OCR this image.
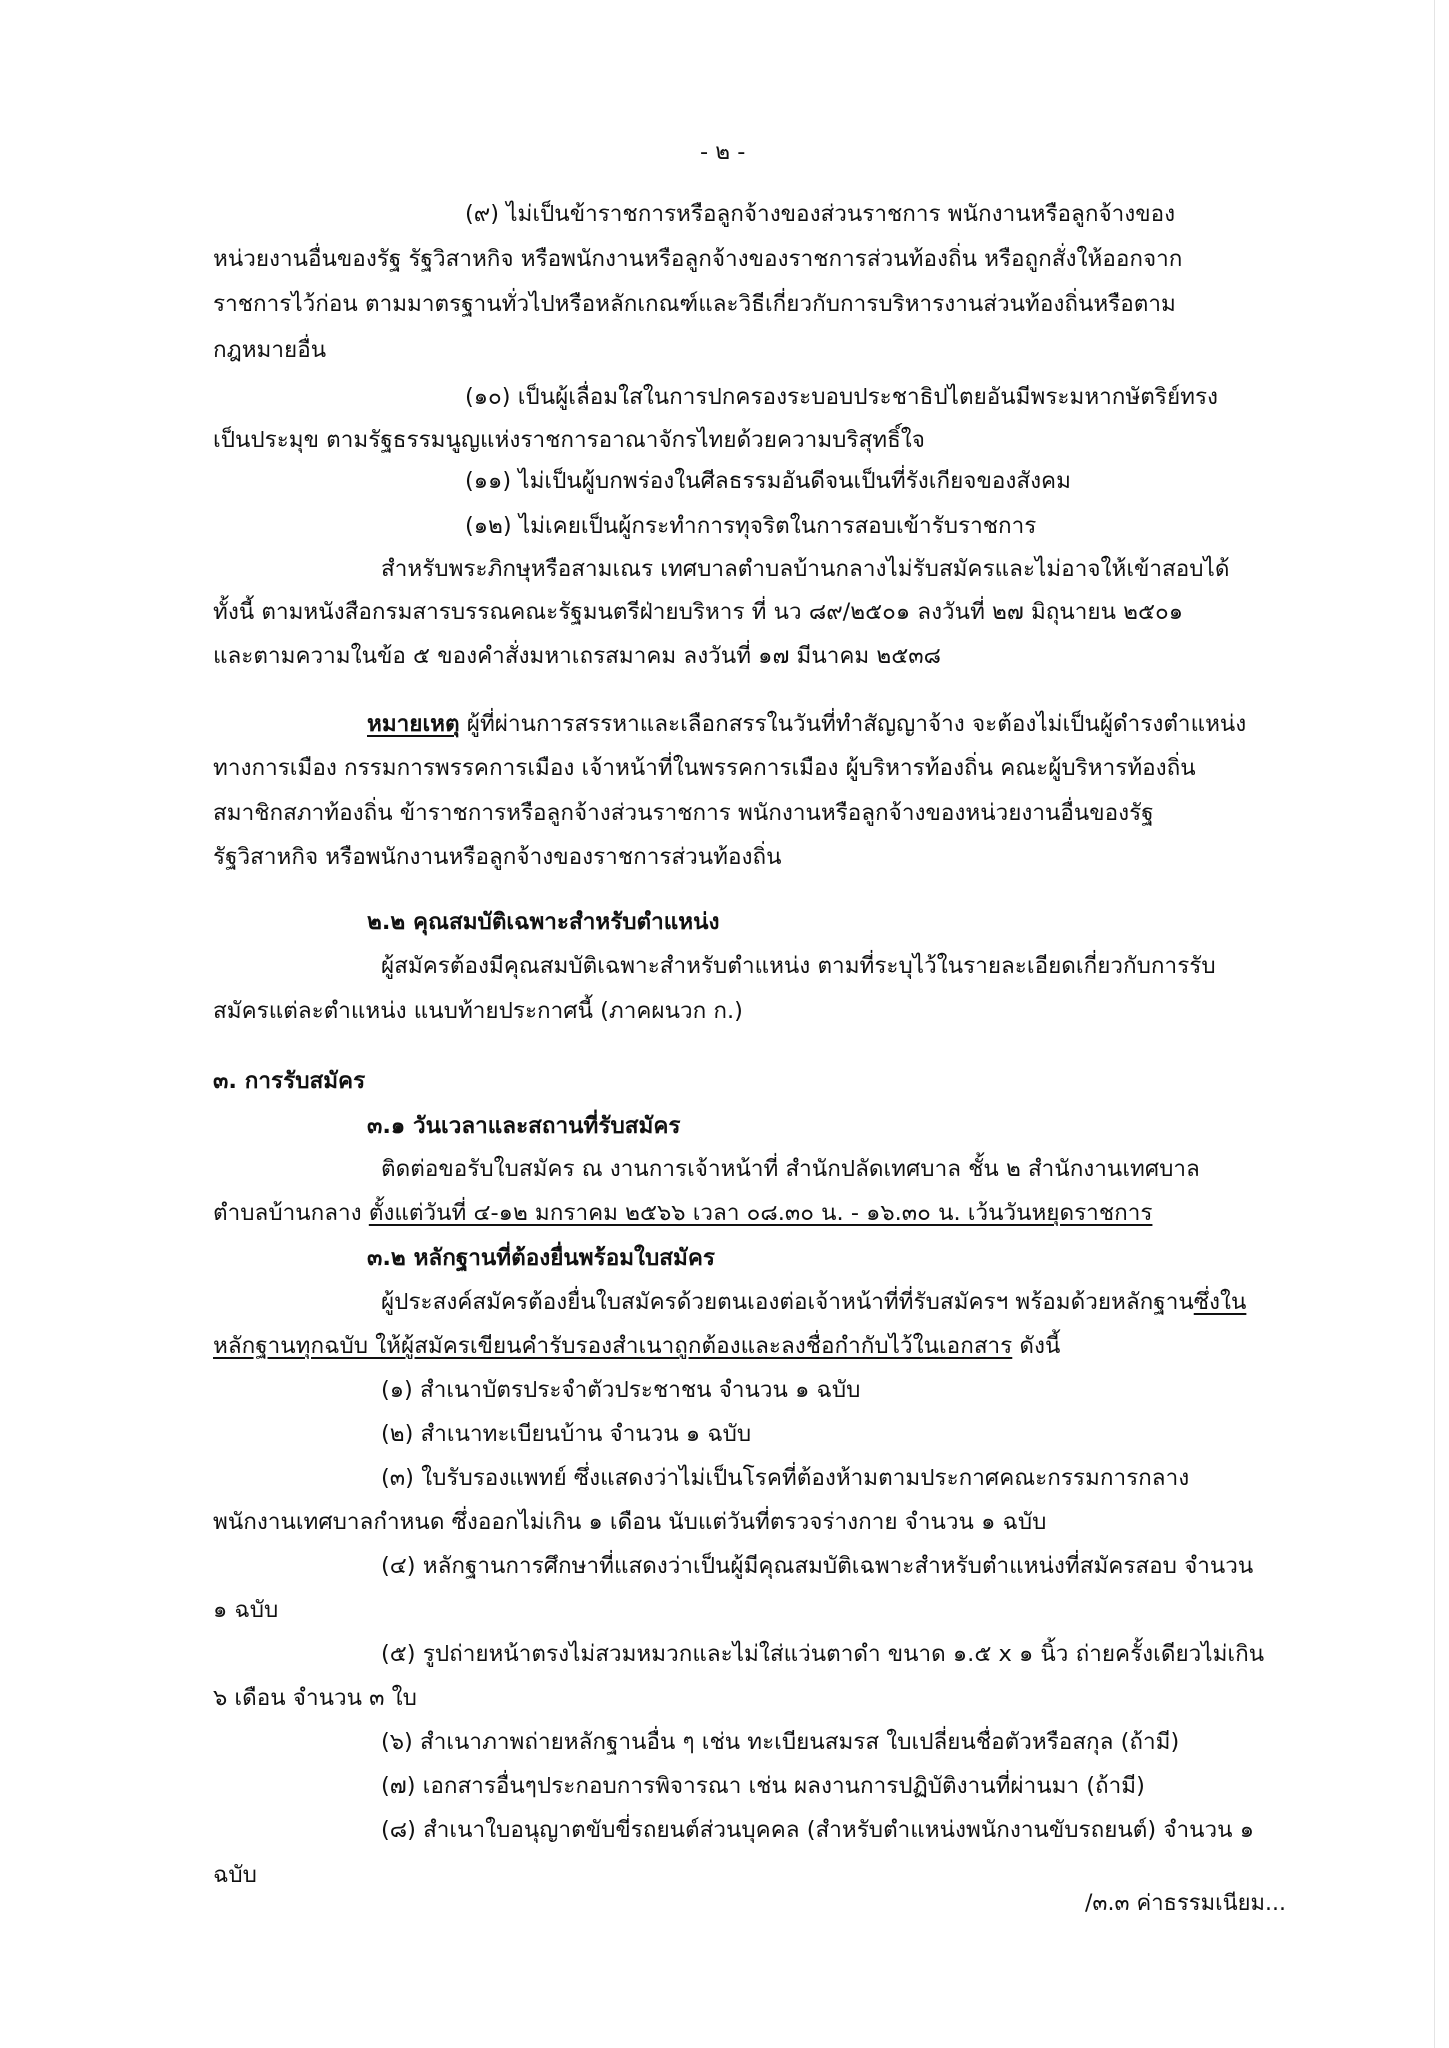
- ๒ -
(๙) ไม่เป็นข้าราชการหรือลูกจ้างของส่วนราชการ พนักงานหรือลูกจ้างของ
หน่วยงานอื่นของรัฐ รัฐวิสาหกิจ หรือพนักงานหรือลูกจ้างของราชการส่วนท้องถิ่น หรือถูกสั่งให้ออกจาก
ราชการไว้ก่อน ตามมาตรฐานทั่วไปหรือหลักเกณฑ์และวิธีเกี่ยวกับการบริหารงานส่วนท้องถิ่นหรือตาม
กฎหมายอื่น
(๑๐) เป็นผู้เลื่อมใสในการปกครองระบอบประชาธิปไตยอันมีพระมหากษัตริย์ทรง
เป็นประมุข ตามรัฐธรรมนูญแห่งราชการอาณาจักรไทยด้วยความบริสุทธิ์ใจ
(๑๑) ไม่เป็นผู้บกพร่องในศีลธรรมอันดีจนเป็นที่รังเกียจของสังคม
(๑๒) ไม่เคยเป็นผู้กระทำการทุจริตในการสอบเข้ารับราชการ
สำหรับพระภิกษุหรือสามเณร เทศบาลตำบลบ้านกลางไม่รับสมัครและไม่อาจให้เข้าสอบได้
ทั้งนี้ ตามหนังสือกรมสารบรรณคณะรัฐมนตรีฝ่ายบริหาร ที่ นว ๘๙/๒๕๐๑ ลงวันที่ ๒๗ มิถุนายน ๒๕๐๑
และตามความในข้อ ๕ ของคำสั่งมหาเถรสมาคม ลงวันที่ ๑๗ มีนาคม ๒๕๓๘
หมายเหตุ ผู้ที่ผ่านการสรรหาและเลือกสรรในวันที่ทำสัญญาจ้าง จะต้องไม่เป็นผู้ดำรงตำแหน่ง
ทางการเมือง กรรมการพรรคการเมือง เจ้าหน้าที่ในพรรคการเมือง ผู้บริหารท้องถิ่น คณะผู้บริหารท้องถิ่น
สมาชิกสภาท้องถิ่น ข้าราชการหรือลูกจ้างส่วนราชการ พนักงานหรือลูกจ้างของหน่วยงานอื่นของรัฐ
รัฐวิสาหกิจ หรือพนักงานหรือลูกจ้างของราชการส่วนท้องถิ่น
๒.๒ คุณสมบัติเฉพาะสำหรับตำแหน่ง
ผู้สมัครต้องมีคุณสมบัติเฉพาะสำหรับตำแหน่ง ตามที่ระบุไว้ในรายละเอียดเกี่ยวกับการรับ
สมัครแต่ละตำแหน่ง แนบท้ายประกาศนี้ (ภาคผนวก ก.)
๓. การรับสมัคร
๓.๑ วันเวลาและสถานที่รับสมัคร
ติดต่อขอรับใบสมัคร ณ งานการเจ้าหน้าที่ สำนักปลัดเทศบาล ชั้น ๒ สำนักงานเทศบาล
ตำบลบ้านกลาง ตั้งแต่วันที่ ๔-๑๒ มกราคม ๒๕๖๖ เวลา ๐๘.๓๐ น. - ๑๖.๓๐ น. เว้นวันหยุดราชการ
๓.๒ หลักฐานที่ต้องยื่นพร้อมใบสมัคร
ผู้ประสงค์สมัครต้องยื่นใบสมัครด้วยตนเองต่อเจ้าหน้าที่ที่รับสมัครฯ พร้อมด้วยหลักฐานซึ่งใน
หลักฐานทุกฉบับ ให้ผู้สมัครเขียนคำรับรองสำเนาถูกต้องและลงชื่อกำกับไว้ในเอกสาร ดังนี้
(๑) สำเนาบัตรประจำตัวประชาชน จำนวน ๑ ฉบับ
(๒) สำเนาทะเบียนบ้าน จำนวน ๑ ฉบับ
(๓) ใบรับรองแพทย์ ซึ่งแสดงว่าไม่เป็นโรคที่ต้องห้ามตามประกาศคณะกรรมการกลาง
พนักงานเทศบาลกำหนด ซึ่งออกไม่เกิน ๑ เดือน นับแต่วันที่ตรวจร่างกาย จำนวน ๑ ฉบับ
(๔) หลักฐานการศึกษาที่แสดงว่าเป็นผู้มีคุณสมบัติเฉพาะสำหรับตำแหน่งที่สมัครสอบ จำนวน
๑ ฉบับ
(๕) รูปถ่ายหน้าตรงไม่สวมหมวกและไม่ใส่แว่นตาดำ ขนาด ๑.๕ x ๑ นิ้ว ถ่ายครั้งเดียวไม่เกิน
๖ เดือน จำนวน ๓ ใบ
(๖) สำเนาภาพถ่ายหลักฐานอื่น ๆ เช่น ทะเบียนสมรส ใบเปลี่ยนชื่อตัวหรือสกุล (ถ้ามี)
(๗) เอกสารอื่นๆประกอบการพิจารณา เช่น ผลงานการปฏิบัติงานที่ผ่านมา (ถ้ามี)
(๘) สำเนาใบอนุญาตขับขี่รถยนต์ส่วนบุคคล (สำหรับตำแหน่งพนักงานขับรถยนต์) จำนวน ๑
ฉบับ
/๓.๓ ค่าธรรมเนียม...
